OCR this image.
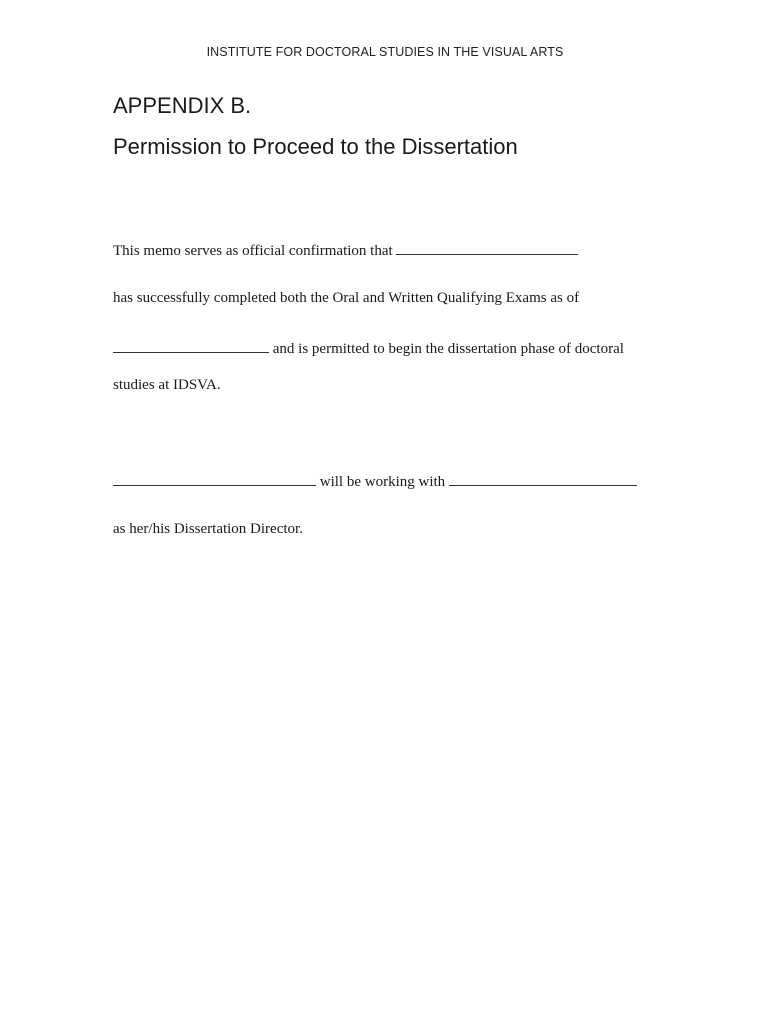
INSTITUTE FOR DOCTORAL STUDIES IN THE VISUAL ARTS
APPENDIX B.
Permission to Proceed to the Dissertation
This memo serves as official confirmation that
has successfully completed both the Oral and Written Qualifying Exams as of
and is permitted to begin the dissertation phase of doctoral
studies at IDSVA.
will be working with
as her/his Dissertation Director.
